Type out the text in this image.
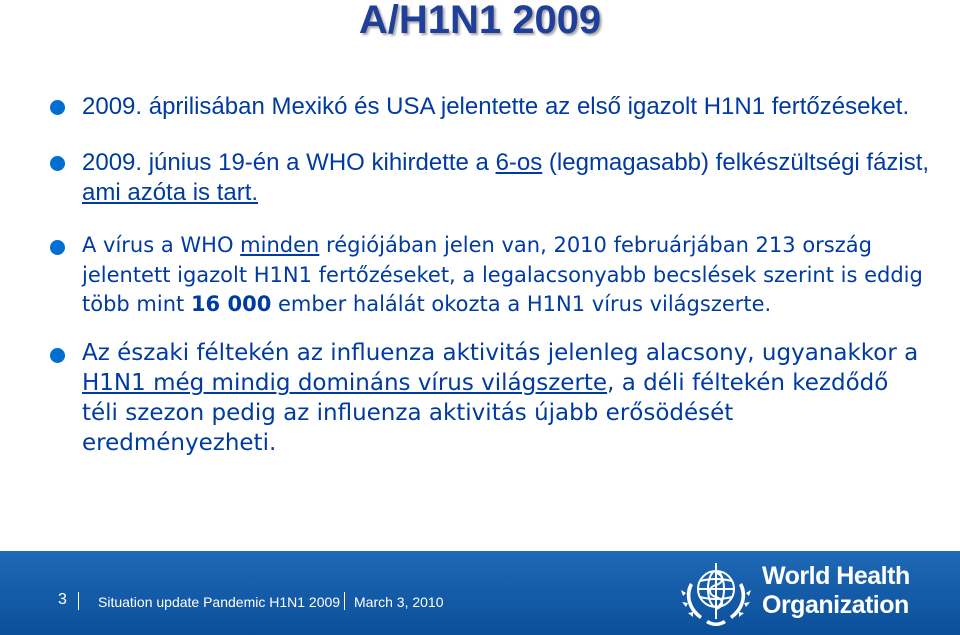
A/H1N1 2009
2009. áprilisában Mexikó és USA jelentette az első igazolt H1N1 fertőzéseket.
2009. június 19-én a WHO kihirdette a 6-os (legmagasabb) felkészültségi fázist, ami azóta is tart.
A vírus a WHO minden régiójában jelen van, 2010 februárjában 213 ország jelentett igazolt H1N1 fertőzéseket, a legalacsonyabb becslések szerint is eddig több mint 16 000 ember halálát okozta a H1N1 vírus világszerte.
Az északi féltekén az influenza aktivitás jelenleg alacsony, ugyanakkor a H1N1 még mindig domináns vírus világszerte, a déli féltekén kezdődő téli szezon pedig az influenza aktivitás újabb erősödését eredményezheti.
3 Situation update Pandemic H1N1 2009 March 3, 2010
World Health
Organization
